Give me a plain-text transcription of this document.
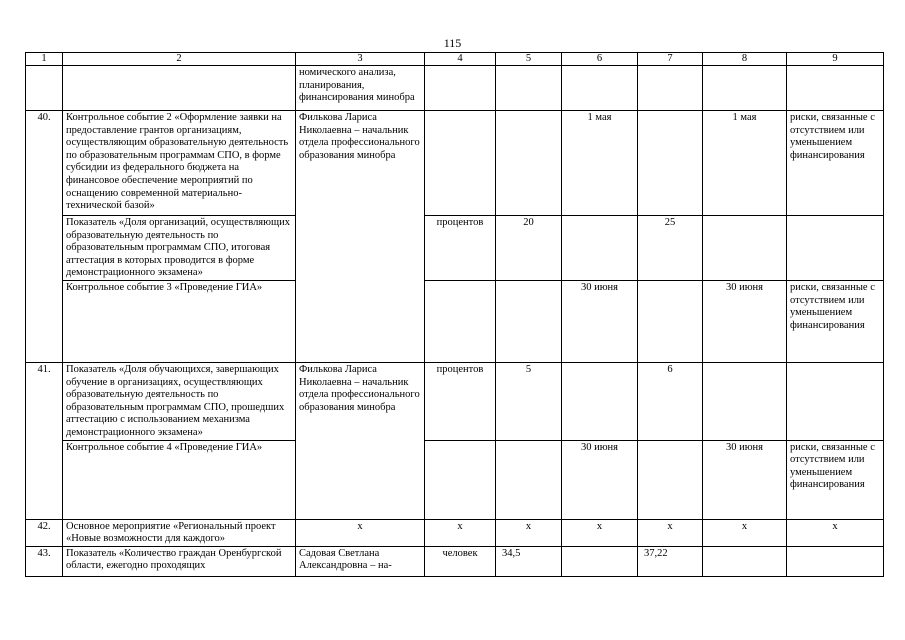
115
1	2	3	4	5	6	7	8	9
		номического анализа, планирования, финансирования минобра						
40.	Контрольное событие 2 «Оформление заявки на предоставление грантов организациям, осуществляющим образовательную деятельность по образовательным программам СПО, в форме субсидии из федерального бюджета на финансовое обеспечение мероприятий по оснащению современной материально-технической базой»	Филькова Лариса Николаевна – начальник отдела профессионального образования минобра			1 мая		1 мая	риски, связанные с отсутствием или уменьшением финансирования
	Показатель «Доля организаций, осуществляющих образовательную деятельность по образовательным программам СПО, итоговая аттестация в которых проводится в форме демонстрационного экзамена»		процентов	20		25		
	Контрольное событие 3 «Проведение ГИА»				30 июня		30 июня	риски, связанные с отсутствием или уменьшением финансирования
41.	Показатель «Доля обучающихся, завершающих обучение в организациях, осуществляющих образовательную деятельность по образовательным программам СПО, прошедших аттестацию с использованием механизма демонстрационного экзамена»	Филькова Лариса Николаевна – начальник отдела профессионального образования минобра	процентов	5		6		
	Контрольное событие 4 «Проведение ГИА»				30 июня		30 июня	риски, связанные с отсутствием или уменьшением финансирования
42.	Основное мероприятие «Региональный проект «Новые возможности для каждого»	x	x	x	x	x	x	x
43.	Показатель «Количество граждан Оренбургской области, ежегодно проходящих	Садовая Светлана Александровна – на-	человек	34,5		37,22		
